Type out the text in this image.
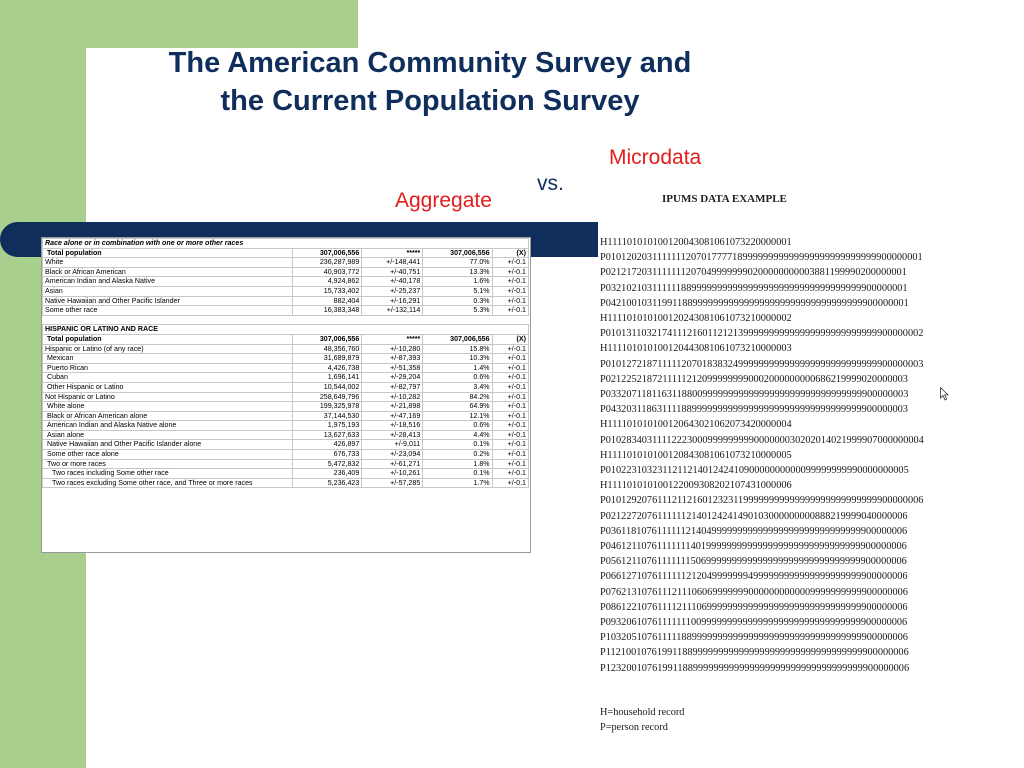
The American Community Survey and
the Current Population Survey
Microdata
vs.
Aggregate
Race alone or in combination with one or more other races				
Total population	307,006,556	*****	307,006,556	(X)
White	236,287,989	+/-148,441	77.0%	+/-0.1
Black or African American	40,903,772	+/-40,751	13.3%	+/-0.1
American Indian and Alaska Native	4,924,862	+/-40,178	1.6%	+/-0.1
Asian	15,733,402	+/-25,237	5.1%	+/-0.1
Native Hawaiian and Other Pacific Islander	882,404	+/-16,291	0.3%	+/-0.1
Some other race	16,383,348	+/-132,114	5.3%	+/-0.1

HISPANIC OR LATINO AND RACE				
Total population	307,006,556	*****	307,006,556	(X)
Hispanic or Latino (of any race)	48,356,760	+/-10,280	15.8%	+/-0.1
Mexican	31,689,879	+/-87,393	10.3%	+/-0.1
Puerto Rican	4,426,738	+/-51,358	1.4%	+/-0.1
Cuban	1,696,141	+/-29,204	0.6%	+/-0.1
Other Hispanic or Latino	10,544,002	+/-82,797	3.4%	+/-0.1
Not Hispanic or Latino	258,649,796	+/-10,282	84.2%	+/-0.1
White alone	199,325,978	+/-21,898	64.9%	+/-0.1
Black or African American alone	37,144,530	+/-47,169	12.1%	+/-0.1
American Indian and Alaska Native alone	1,975,193	+/-18,516	0.6%	+/-0.1
Asian alone	13,627,633	+/-28,413	4.4%	+/-0.1
Native Hawaiian and Other Pacific Islander alone	426,897	+/-9,011	0.1%	+/-0.1
Some other race alone	676,733	+/-23,094	0.2%	+/-0.1
Two or more races	5,472,832	+/-61,271	1.8%	+/-0.1
Two races including Some other race	236,409	+/-10,261	0.1%	+/-0.1
Two races excluding Some other race, and Three or more races	5,236,423	+/-57,285	1.7%	+/-0.1
IPUMS DATA EXAMPLE
H111101010100120043081061073220000001
P01012020311111112070177771899999999999999999999999999900000001
P02121720311111112070499999990200000000003881199990200000001
P03210210311111188999999999999999999999999999999999900000001
P04210010311991188999999999999999999999999999999999900000001
H111101010100120243081061073210000002
P01013110321741112160112121399999999999999999999999999900000002
H111101010100120443081061073210000003
P01012721871111120701838324999999999999999999999999999900000003
P02122521872111112120999999990002000000000686219999020000003
P03320711811631188009999999999999999999999999999999900000003
P04320311863111188999999999999999999999999999999999900000003
H111101010100120643021062073420000004
P01028340311112223000999999999000000030202014021999907000000004
H111101010100120843081061073210000005
P01022310323112112140124241090000000000099999999990000000005
H111101010100122009308202107431000006
P01012920761112112160123231199999999999999999999999999900000006
P02122720761111112140124241490103000000000888219999040000006
P03611810761111112140499999999999999999999999999999900000006
P04612110761111111401999999999999999999999999999999900000006
P05612110761111111506999999999999999999999999999999900000006
P06612710761111112120499999994999999999999999999999900000006
P07621310761112111060699999990000000000009999999999900000006
P08612210761111211106999999999999999999999999999999900000006
P09320610761111111009999999999999999999999999999999900000006
P10320510761111188999999999999999999999999999999999900000006
P11210010761991188999999999999999999999999999999999900000006
P12320010761991188999999999999999999999999999999999900000006
H=household record
P=person record
